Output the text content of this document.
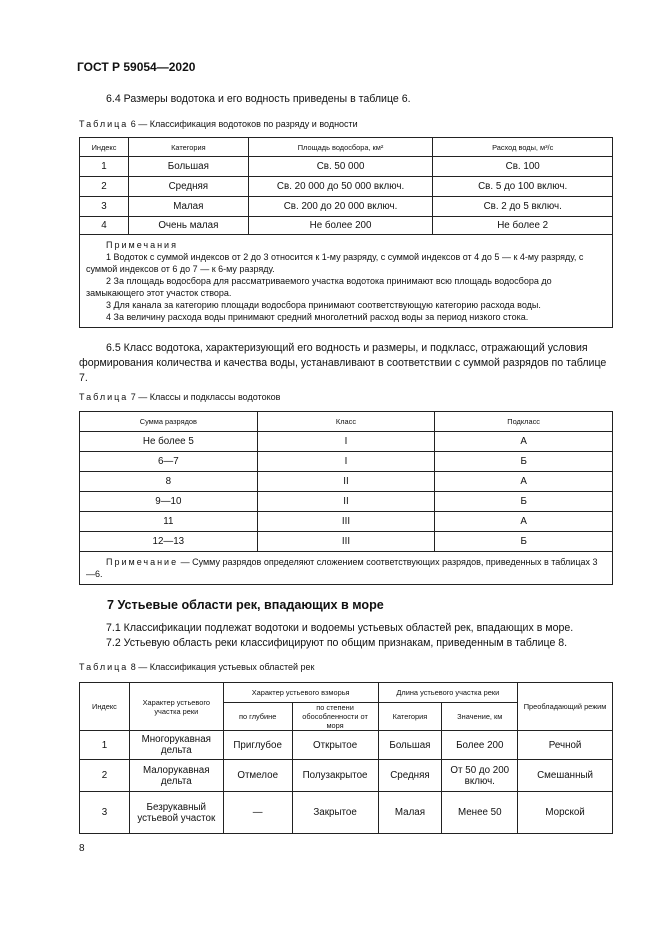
ГОСТ Р 59054—2020
6.4 Размеры водотока и его водность приведены в таблице 6.
Таблица 6 — Классификация водотоков по разряду и водности
Индекс	Категория	Площадь водосбора, км²	Расход воды, м³/с
1	Большая	Св. 50 000	Св. 100
2	Средняя	Св. 20 000 до 50 000 включ.	Св. 5 до 100 включ.
3	Малая	Св. 200 до 20 000 включ.	Св. 2 до 5 включ.
4	Очень малая	Не более 200	Не более 2

Примечания
1 Водоток с суммой индексов от 2 до 3 относится к 1-му разряду, с суммой индексов от 4 до 5 — к 4-му разряду, с суммой индексов от 6 до 7 — к 6-му разряду.
2 За площадь водосбора для рассматриваемого участка водотока принимают всю площадь водосбора до замыкающего этот участок створа.
3 Для канала за категорию площади водосбора принимают соответствующую категорию расхода воды.
4 За величину расхода воды принимают средний многолетний расход воды за период низкого стока.			
6.5 Класс водотока, характеризующий его водность и размеры, и подкласс, отражающий условия формирования количества и качества воды, устанавливают в соответствии с суммой разрядов по таблице 7.
Таблица 7 — Классы и подклассы водотоков
Сумма разрядов	Класс	Подкласс
Не более 5	I	А
6—7	I	Б
8	II	А
9—10	II	Б
11	III	А
12—13	III	Б
Примечание — Сумму разрядов определяют сложением соответствующих разрядов, приведенных в таблицах 3—6.		
7 Устьевые области рек, впадающих в море
7.1 Классификации подлежат водотоки и водоемы устьевых областей рек, впадающих в море.
7.2 Устьевую область реки классифицируют по общим признакам, приведенным в таблице 8.
Таблица 8 — Классификация устьевых областей рек
Индекс	Характер устьевого участка реки	Характер устьевого взморья		Длина устьевого участка реки		Преобладающий режим
		по глубине	по степени обособленности от моря	Категория	Значение, км	
1	Многорукавная дельта	Приглубое	Открытое	Большая	Более 200	Речной
2	Малорукавная дельта	Отмелое	Полузакрытое	Средняя	От 50 до 200 включ.	Смешанный
3	Безрукавный устьевой участок	—	Закрытое	Малая	Менее 50	Морской
8
